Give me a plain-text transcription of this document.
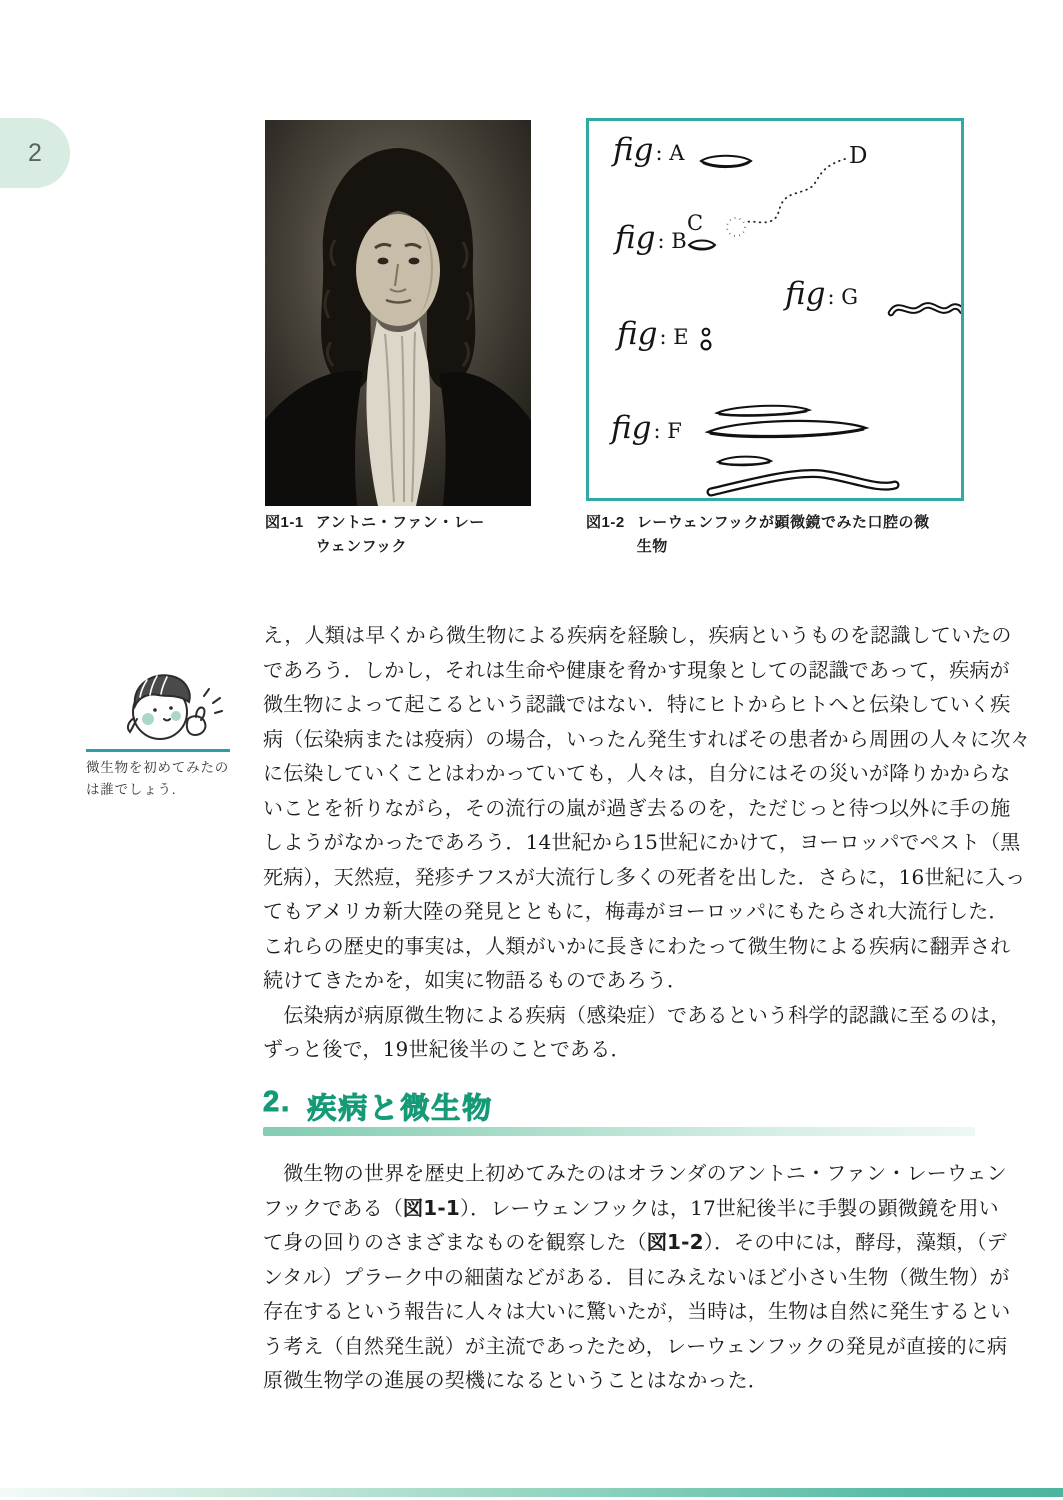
2
図1-1 アントニ・ファン・レー
ウェンフック
fig: A	D
C
fig: B
fig: G
fig: E
fig: F
図1-2 レーウェンフックが顕微鏡でみた口腔の微
生物
微生物を初めてみたの
は誰でしょう.
え，人類は早くから微生物による疾病を経験し，疾病というものを認識していたの
であろう．しかし，それは生命や健康を脅かす現象としての認識であって，疾病が
微生物によって起こるという認識ではない．特にヒトからヒトへと伝染していく疾
病（伝染病または疫病）の場合，いったん発生すればその患者から周囲の人々に次々
に伝染していくことはわかっていても，人々は，自分にはその災いが降りかからな
いことを祈りながら，その流行の嵐が過ぎ去るのを，ただじっと待つ以外に手の施
しようがなかったであろう．14世紀から15世紀にかけて，ヨーロッパでペスト（黒
死病），天然痘，発疹チフスが大流行し多くの死者を出した．さらに，16世紀に入っ
てもアメリカ新大陸の発見とともに，梅毒がヨーロッパにもたらされ大流行した．
これらの歴史的事実は，人類がいかに長きにわたって微生物による疾病に翻弄され
続けてきたかを，如実に物語るものであろう．
　伝染病が病原微生物による疾病（感染症）であるという科学的認識に至るのは，
ずっと後で，19世紀後半のことである．
2. 疾病と微生物
　微生物の世界を歴史上初めてみたのはオランダのアントニ・ファン・レーウェン
フックである（図1-1）．レーウェンフックは，17世紀後半に手製の顕微鏡を用い
て身の回りのさまざまなものを観察した（図1-2）．その中には，酵母，藻類，（デ
ンタル）プラーク中の細菌などがある．目にみえないほど小さい生物（微生物）が
存在するという報告に人々は大いに驚いたが，当時は，生物は自然に発生するとい
う考え（自然発生説）が主流であったため，レーウェンフックの発見が直接的に病
原微生物学の進展の契機になるということはなかった．
